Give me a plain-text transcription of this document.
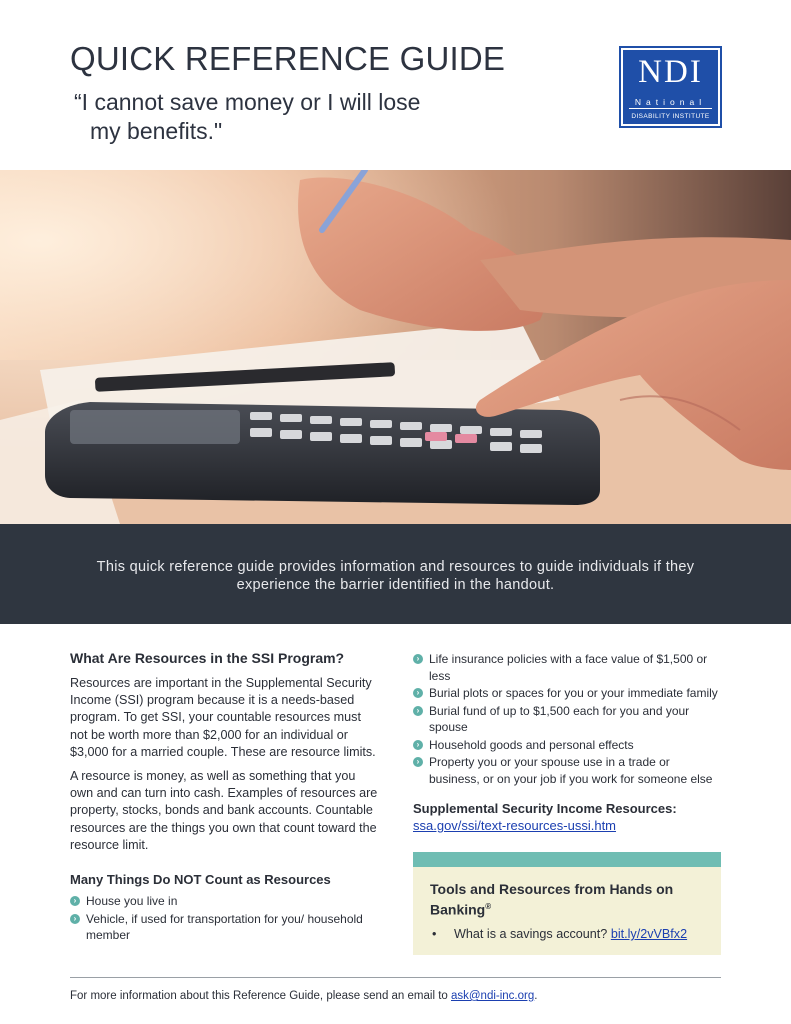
QUICK REFERENCE GUIDE
“I cannot save money or I will lose
my benefits."
NDI
National
DISABILITY INSTITUTE
This quick reference guide provides information and resources to guide individuals if they experience the barrier identified in the handout.
What Are Resources in the SSI Program?

Resources are important in the Supplemental Security Income (SSI) program because it is a needs-based program. To get SSI, your countable resources must not be worth more than $2,000 for an individual or $3,000 for a married couple. These are resource limits.

A resource is money, as well as something that you own and can turn into cash. Examples of resources are property, stocks, bonds and bank accounts. Countable resources are the things you own that count toward the resource limit.

Many Things Do NOT Count as Resources
› House you live in
› Vehicle, if used for transportation for you/ household member
› Life insurance policies with a face value of $1,500 or less
› Burial plots or spaces for you or your immediate family
› Burial fund of up to $1,500 each for you and your spouse
› Household goods and personal effects
› Property you or your spouse use in a trade or business, or on your job if you work for someone else
Supplemental Security Income Resources:
ssa.gov/ssi/text-resources-ussi.htm
Tools and Resources from Hands on Banking®
• What is a savings account? bit.ly/2vVBfx2
For more information about this Reference Guide, please send an email to ask@ndi-inc.org.
